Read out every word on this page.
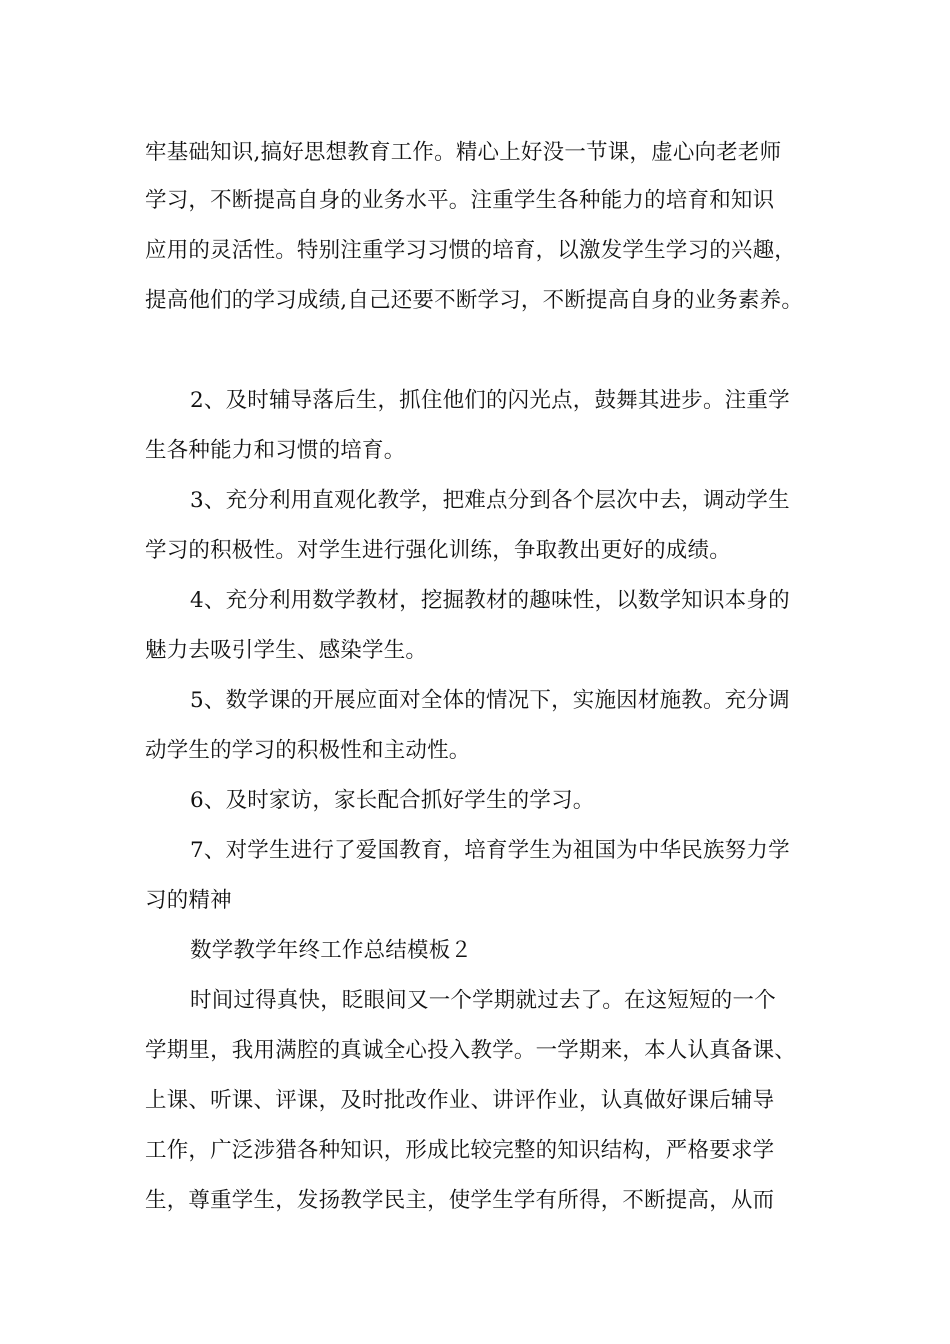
牢基础知识,搞好思想教育工作。精心上好没一节课，虚心向老老师
学习，不断提高自身的业务水平。注重学生各种能力的培育和知识
应用的灵活性。特别注重学习习惯的培育，以激发学生学习的兴趣，
提高他们的学习成绩,自己还要不断学习，不断提高自身的业务素养。
2、及时辅导落后生，抓住他们的闪光点，鼓舞其进步。注重学
生各种能力和习惯的培育。
3、充分利用直观化教学，把难点分到各个层次中去，调动学生
学习的积极性。对学生进行强化训练，争取教出更好的成绩。
4、充分利用数学教材，挖掘教材的趣味性，以数学知识本身的
魅力去吸引学生、感染学生。
5、数学课的开展应面对全体的情况下，实施因材施教。充分调
动学生的学习的积极性和主动性。
6、及时家访，家长配合抓好学生的学习。
7、对学生进行了爱国教育，培育学生为祖国为中华民族努力学
习的精神
数学教学年终工作总结模板２
时间过得真快，眨眼间又一个学期就过去了。在这短短的一个
学期里，我用满腔的真诚全心投入教学。一学期来，本人认真备课、
上课、听课、评课，及时批改作业、讲评作业，认真做好课后辅导
工作，广泛涉猎各种知识，形成比较完整的知识结构，严格要求学
生，尊重学生，发扬教学民主，使学生学有所得，不断提高，从而
